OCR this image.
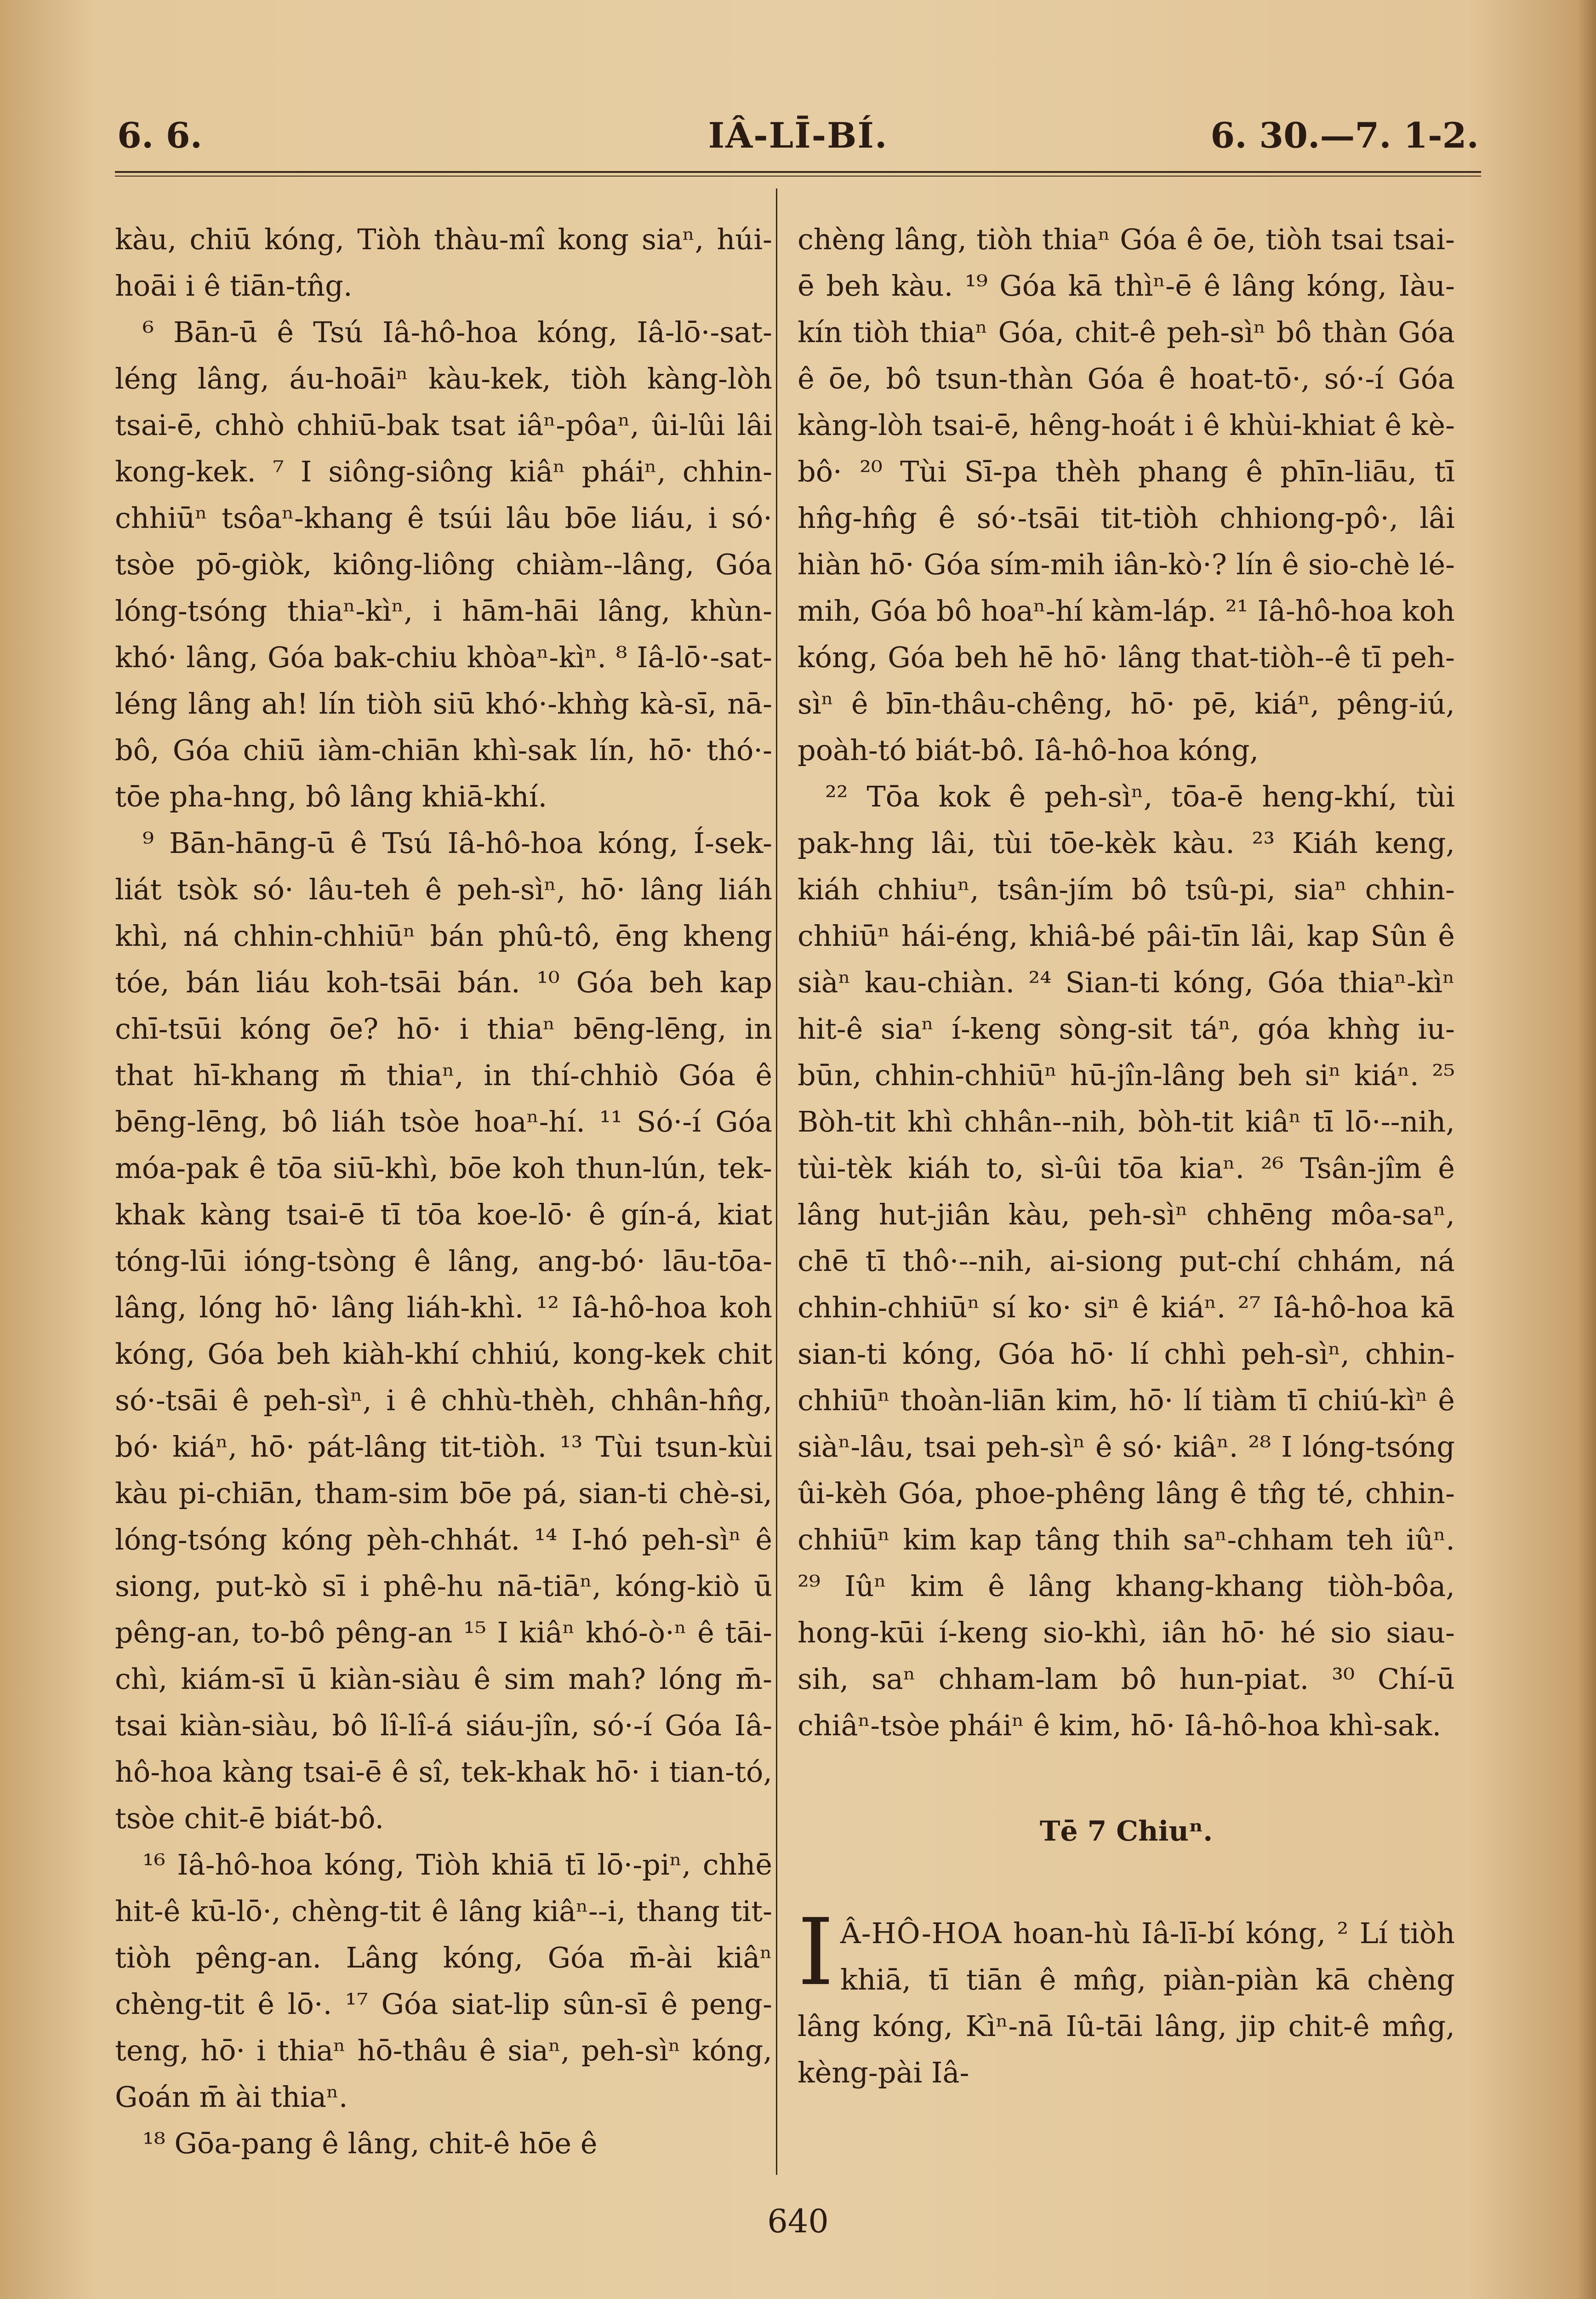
6. 6.	IÂ-LĪ-BÍ.	6. 30.—7. 1-2.

kàu, chiū kóng, Tiòh thàu-mî kong siaⁿ, húi-hoāi i ê tiān-tn̂g.

⁶ Bān-ū ê Tsú Iâ-hô-hoa kóng, Iâ-lō·-sat-léng lâng, áu-hoāiⁿ kàu-kek, tiòh kàng-lòh tsai-ē, chhò chhiū-bak tsat iâⁿ-pôaⁿ, ûi-lûi lâi kong-kek. ⁷ I siông-siông kiâⁿ pháiⁿ, chhin-chhiūⁿ tsôaⁿ-khang ê tsúi lâu bōe liáu, i só· tsòe pō-giòk, kiông-liông chiàm--lâng, Góa lóng-tsóng thiaⁿ-kìⁿ, i hām-hāi lâng, khùn-khó· lâng, Góa bak-chiu khòaⁿ-kìⁿ. ⁸ Iâ-lō·-sat-léng lâng ah! lín tiòh siū khó·-khǹg kà-sī, nā-bô, Góa chiū iàm-chiān khì-sak lín, hō· thó·-tōe pha-hng, bô lâng khiā-khí.

⁹ Bān-hāng-ū ê Tsú Iâ-hô-hoa kóng, Í-sek-liát tsòk só· lâu-teh ê peh-sìⁿ, hō· lâng liáh khì, ná chhin-chhiūⁿ bán phû-tô, ēng kheng tóe, bán liáu koh-tsāi bán. ¹⁰ Góa beh kap chī-tsūi kóng ōe? hō· i thiaⁿ bēng-lēng, in that hī-khang m̄ thiaⁿ, in thí-chhiò Góa ê bēng-lēng, bô liáh tsòe hoaⁿ-hí. ¹¹ Só·-í Góa móa-pak ê tōa siū-khì, bōe koh thun-lún, tek-khak kàng tsai-ē tī tōa koe-lō· ê gín-á, kiat tóng-lūi ióng-tsòng ê lâng, ang-bó· lāu-tōa-lâng, lóng hō· lâng liáh-khì. ¹² Iâ-hô-hoa koh kóng, Góa beh kiàh-khí chhiú, kong-kek chit só·-tsāi ê peh-sìⁿ, i ê chhù-thèh, chhân-hn̂g, bó· kiáⁿ, hō· pát-lâng tit-tiòh. ¹³ Tùi tsun-kùi kàu pi-chiān, tham-sim bōe pá, sian-ti chè-si, lóng-tsóng kóng pèh-chhát. ¹⁴ I-hó peh-sìⁿ ê siong, put-kò sī i phê-hu nā-tiāⁿ, kóng-kiò ū pêng-an, to-bô pêng-an ¹⁵ I kiâⁿ khó-ò·ⁿ ê tāi-chì, kiám-sī ū kiàn-siàu ê sim mah? lóng m̄-tsai kiàn-siàu, bô lî-lî-á siáu-jîn, só·-í Góa Iâ-hô-hoa kàng tsai-ē ê sî, tek-khak hō· i tian-tó, tsòe chit-ē biát-bô.

¹⁶ Iâ-hô-hoa kóng, Tiòh khiā tī lō·-piⁿ, chhē hit-ê kū-lō·, chèng-tit ê lâng kiâⁿ--i, thang tit-tiòh pêng-an. Lâng kóng, Góa m̄-ài kiâⁿ chèng-tit ê lō·. ¹⁷ Góa siat-lip sûn-sī ê peng-teng, hō· i thiaⁿ hō-thâu ê siaⁿ, peh-sìⁿ kóng, Goán m̄ ài thiaⁿ.

¹⁸ Gōa-pang ê lâng, chit-ê hōe ê

chèng lâng, tiòh thiaⁿ Góa ê ōe, tiòh tsai tsai-ē beh kàu. ¹⁹ Góa kā thìⁿ-ē ê lâng kóng, Iàu-kín tiòh thiaⁿ Góa, chit-ê peh-sìⁿ bô thàn Góa ê ōe, bô tsun-thàn Góa ê hoat-tō·, só·-í Góa kàng-lòh tsai-ē, hêng-hoát i ê khùi-khiat ê kè-bô· ²⁰ Tùi Sī-pa thèh phang ê phīn-liāu, tī hn̂g-hn̂g ê só·-tsāi tit-tiòh chhiong-pô·, lâi hiàn hō· Góa sím-mih iân-kò·? lín ê sio-chè lé-mih, Góa bô hoaⁿ-hí kàm-láp. ²¹ Iâ-hô-hoa koh kóng, Góa beh hē hō· lâng that-tiòh--ê tī peh-sìⁿ ê bīn-thâu-chêng, hō· pē, kiáⁿ, pêng-iú, poàh-tó biát-bô. Iâ-hô-hoa kóng,

²² Tōa kok ê peh-sìⁿ, tōa-ē heng-khí, tùi pak-hng lâi, tùi tōe-kèk kàu. ²³ Kiáh keng, kiáh chhiuⁿ, tsân-jím bô tsû-pi, siaⁿ chhin-chhiūⁿ hái-éng, khiâ-bé pâi-tīn lâi, kap Sûn ê siàⁿ kau-chiàn. ²⁴ Sian-ti kóng, Góa thiaⁿ-kìⁿ hit-ê siaⁿ í-keng sòng-sit táⁿ, góa khǹg iu-būn, chhin-chhiūⁿ hū-jîn-lâng beh siⁿ kiáⁿ. ²⁵ Bòh-tit khì chhân--nih, bòh-tit kiâⁿ tī lō·--nih, tùi-tèk kiáh to, sì-ûi tōa kiaⁿ. ²⁶ Tsân-jîm ê lâng hut-jiân kàu, peh-sìⁿ chhēng môa-saⁿ, chē tī thô·--nih, ai-siong put-chí chhám, ná chhin-chhiūⁿ sí ko· siⁿ ê kiáⁿ. ²⁷ Iâ-hô-hoa kā sian-ti kóng, Góa hō· lí chhì peh-sìⁿ, chhin-chhiūⁿ thoàn-liān kim, hō· lí tiàm tī chiú-kìⁿ ê siàⁿ-lâu, tsai peh-sìⁿ ê só· kiâⁿ. ²⁸ I lóng-tsóng ûi-kèh Góa, phoe-phêng lâng ê tn̂g té, chhin-chhiūⁿ kim kap tâng thih saⁿ-chham teh iûⁿ. ²⁹ Iûⁿ kim ê lâng khang-khang tiòh-bôa, hong-kūi í-keng sio-khì, iân hō· hé sio siau-sih, saⁿ chham-lam bô hun-piat. ³⁰ Chí-ū chiâⁿ-tsòe pháiⁿ ê kim, hō· Iâ-hô-hoa khì-sak.

Tē 7 Chiuⁿ.

I Â-HÔ-HOA hoan-hù Iâ-lī-bí kóng, ² Lí tiòh khiā, tī tiān ê mn̂g, piàn-piàn kā chèng lâng kóng, Kìⁿ-nā Iû-tāi lâng, jip chit-ê mn̂g, kèng-pài Iâ-

640
